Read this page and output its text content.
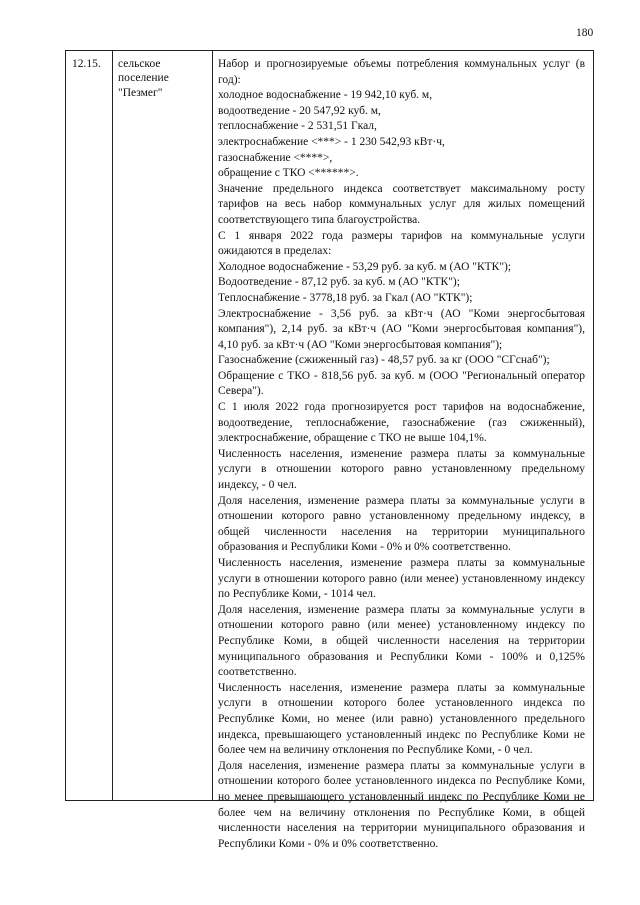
180
12.15.	сельское поселение "Пезмег"
Набор и прогнозируемые объемы потребления коммунальных услуг (в год):
холодное водоснабжение - 19 942,10 куб. м,
водоотведение - 20 547,92 куб. м,
теплоснабжение - 2 531,51 Гкал,
электроснабжение <***> - 1 230 542,93 кВт·ч,
газоснабжение <****>,
обращение с ТКО <******>.
Значение предельного индекса соответствует максимальному росту тарифов на весь набор коммунальных услуг для жилых помещений соответствующего типа благоустройства.
С 1 января 2022 года размеры тарифов на коммунальные услуги ожидаются в пределах:
Холодное водоснабжение - 53,29 руб. за куб. м (АО "КТК");
Водоотведение - 87,12 руб. за куб. м (АО "КТК");
Теплоснабжение - 3778,18 руб. за Гкал (АО "КТК");
Электроснабжение - 3,56 руб. за кВт·ч (АО "Коми энергосбытовая компания"), 2,14 руб. за кВт·ч (АО "Коми энергосбытовая компания"), 4,10 руб. за кВт·ч (АО "Коми энергосбытовая компания");
Газоснабжение (сжиженный газ) - 48,57 руб. за кг (ООО "СГснаб");
Обращение с ТКО - 818,56 руб. за куб. м (ООО "Региональный оператор Севера").
С 1 июля 2022 года прогнозируется рост тарифов на водоснабжение, водоотведение, теплоснабжение, газоснабжение (газ сжиженный), электроснабжение, обращение с ТКО не выше 104,1%.
Численность населения, изменение размера платы за коммунальные услуги в отношении которого равно установленному предельному индексу, - 0 чел.
Доля населения, изменение размера платы за коммунальные услуги в отношении которого равно установленному предельному индексу, в общей численности населения на территории муниципального образования и Республики Коми - 0% и 0% соответственно.
Численность населения, изменение размера платы за коммунальные услуги в отношении которого равно (или менее) установленному индексу по Республике Коми, - 1014 чел.
Доля населения, изменение размера платы за коммунальные услуги в отношении которого равно (или менее) установленному индексу по Республике Коми, в общей численности населения на территории муниципального образования и Республики Коми - 100% и 0,125% соответственно.
Численность населения, изменение размера платы за коммунальные услуги в отношении которого более установленного индекса по Республике Коми, но менее (или равно) установленного предельного индекса, превышающего установленный индекс по Республике Коми не более чем на величину отклонения по Республике Коми, - 0 чел.
Доля населения, изменение размера платы за коммунальные услуги в отношении которого более установленного индекса по Республике Коми, но менее превышающего установленный индекс по Республике Коми не более чем на величину отклонения по Республике Коми, в общей численности населения на территории муниципального образования и Республики Коми - 0% и 0% соответственно.
